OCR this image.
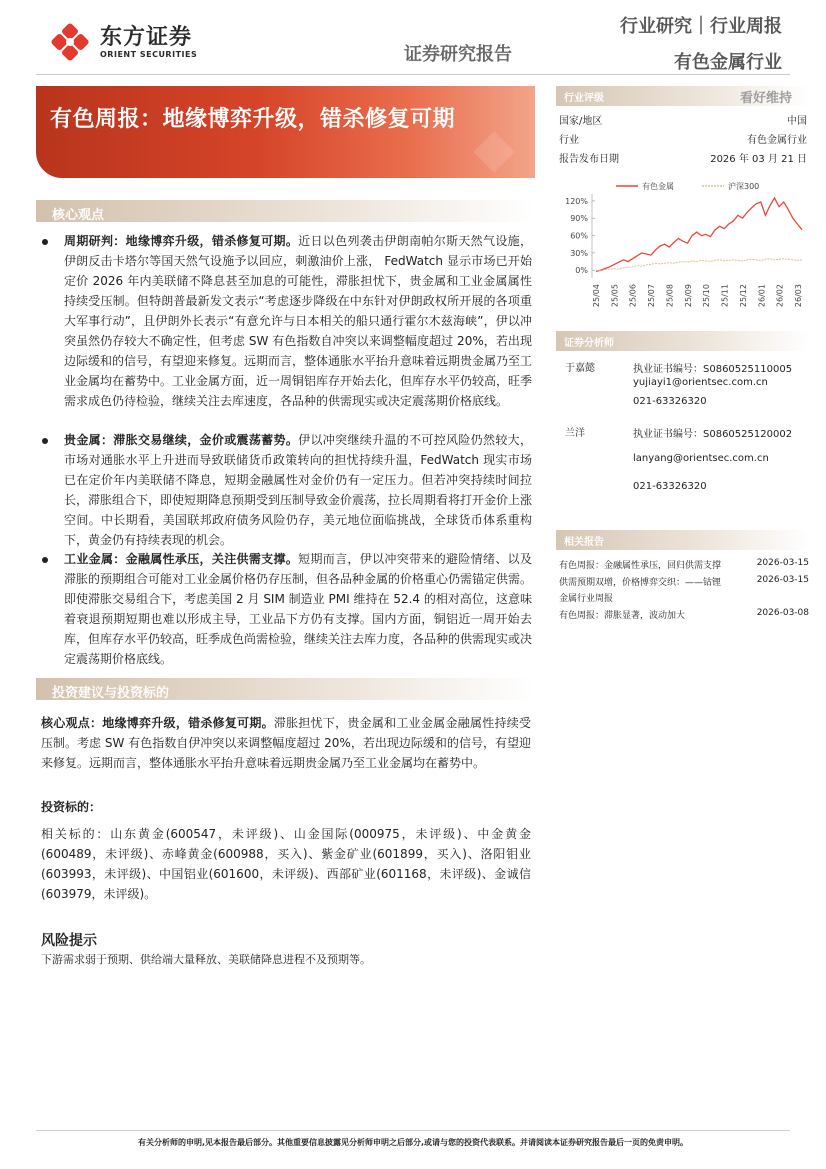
东方证券
ORIENT SECURITIES	证券研究报告
行业研究｜行业周报
有色金属行业
有色周报：地缘博弈升级，错杀修复可期 ◆
行业评级	看好维持
国家/地区	中国
行业	有色金属行业
报告发布日期	2026 年 03 月 21 日
有色金属	沪深300
120%
90%
60%
30%
0%
25/04 25/05 25/06 25/07 25/08 25/09 25/10 25/11 25/12 26/01 26/02 26/03
证券分析师
于嘉懿	执业证书编号：S0860525110005
yujiayi1@orientsec.com.cn
021-63326320
兰洋	执业证书编号：S0860525120002
lanyang@orientsec.com.cn
021-63326320
相关报告
有色周报：金融属性承压，回归供需支撑	2026-03-15
供需预期双增，价格博弈交织：——钴锂	2026-03-15
金属行业周报
有色周报：滞胀显著，波动加大	2026-03-08
核心观点
周期研判：地缘博弈升级，错杀修复可期。近日以色列袭击伊朗南帕尔斯天然气设施，伊朗反击卡塔尔等国天然气设施予以回应，刺激油价上涨， FedWatch 显示市场已开始定价 2026 年内美联储不降息甚至加息的可能性，滞胀担忧下，贵金属和工业金属属性持续受压制。但特朗普最新发文表示“考虑逐步降级在中东针对伊朗政权所开展的各项重大军事行动”，且伊朗外长表示“有意允许与日本相关的船只通行霍尔木兹海峡”，伊以冲突虽然仍存较大不确定性，但考虑 SW 有色指数自冲突以来调整幅度超过 20%，若出现边际缓和的信号，有望迎来修复。远期而言，整体通胀水平抬升意味着远期贵金属乃至工业金属均在蓄势中。工业金属方面，近一周铜铝库存开始去化，但库存水平仍较高，旺季需求成色仍待检验，继续关注去库速度，各品种的供需现实或决定震荡期价格底线。
贵金属：滞胀交易继续，金价或震荡蓄势。伊以冲突继续升温的不可控风险仍然较大，市场对通胀水平上升进而导致联储货币政策转向的担忧持续升温，FedWatch 现实市场已在定价年内美联储不降息，短期金融属性对金价仍有一定压力。但若冲突持续时间拉长，滞胀组合下，即使短期降息预期受到压制导致金价震荡，拉长周期看将打开金价上涨空间。中长期看，美国联邦政府债务风险仍存，美元地位面临挑战，全球货币体系重构下，黄金仍有持续表现的机会。
工业金属：金融属性承压，关注供需支撑。短期而言，伊以冲突带来的避险情绪、以及滞胀的预期组合可能对工业金属价格仍存压制，但各品种金属的价格重心仍需锚定供需。即使滞胀交易组合下，考虑美国 2 月 SIM 制造业 PMI 维持在 52.4 的相对高位，这意味着衰退预期短期也难以形成主导，工业品下方仍有支撑。国内方面，铜铝近一周开始去库，但库存水平仍较高，旺季成色尚需检验，继续关注去库力度，各品种的供需现实或决定震荡期价格底线。
投资建议与投资标的
核心观点：地缘博弈升级，错杀修复可期。滞胀担忧下，贵金属和工业金属金融属性持续受压制。考虑 SW 有色指数自伊冲突以来调整幅度超过 20%，若出现边际缓和的信号，有望迎来修复。远期而言，整体通胀水平抬升意味着远期贵金属乃至工业金属均在蓄势中。
投资标的：
相关标的：山东黄金(600547，未评级)、山金国际(000975，未评级)、中金黄金(600489，未评级)、赤峰黄金(600988，买入)、紫金矿业(601899，买入)、洛阳钼业(603993，未评级)、中国铝业(601600，未评级)、西部矿业(601168，未评级)、金诚信(603979，未评级)。
风险提示
下游需求弱于预期、供给端大量释放、美联储降息进程不及预期等。
有关分析师的申明,见本报告最后部分。其他重要信息披露见分析师申明之后部分,或请与您的投资代表联系。并请阅读本证券研究报告最后一页的免责申明。
